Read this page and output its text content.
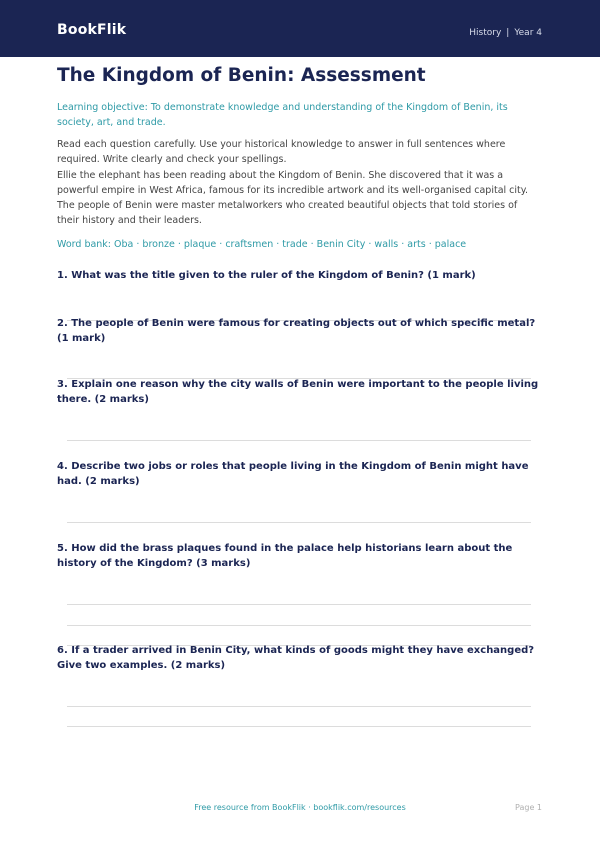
BookFlik	History | Year 4
The Kingdom of Benin: Assessment
Learning objective: To demonstrate knowledge and understanding of the Kingdom of Benin, its society, art, and trade.
Read each question carefully. Use your historical knowledge to answer in full sentences where required. Write clearly and check your spellings.
Ellie the elephant has been reading about the Kingdom of Benin. She discovered that it was a powerful empire in West Africa, famous for its incredible artwork and its well-organised capital city. The people of Benin were master metalworkers who created beautiful objects that told stories of their history and their leaders.
Word bank: Oba · bronze · plaque · craftsmen · trade · Benin City · walls · arts · palace
1. What was the title given to the ruler of the Kingdom of Benin? (1 mark)
2. The people of Benin were famous for creating objects out of which specific metal? (1 mark)
3. Explain one reason why the city walls of Benin were important to the people living there. (2 marks)
4. Describe two jobs or roles that people living in the Kingdom of Benin might have had. (2 marks)
5. How did the brass plaques found in the palace help historians learn about the history of the Kingdom? (3 marks)
6. If a trader arrived in Benin City, what kinds of goods might they have exchanged? Give two examples. (2 marks)
Free resource from BookFlik · bookflik.com/resources	Page 1
